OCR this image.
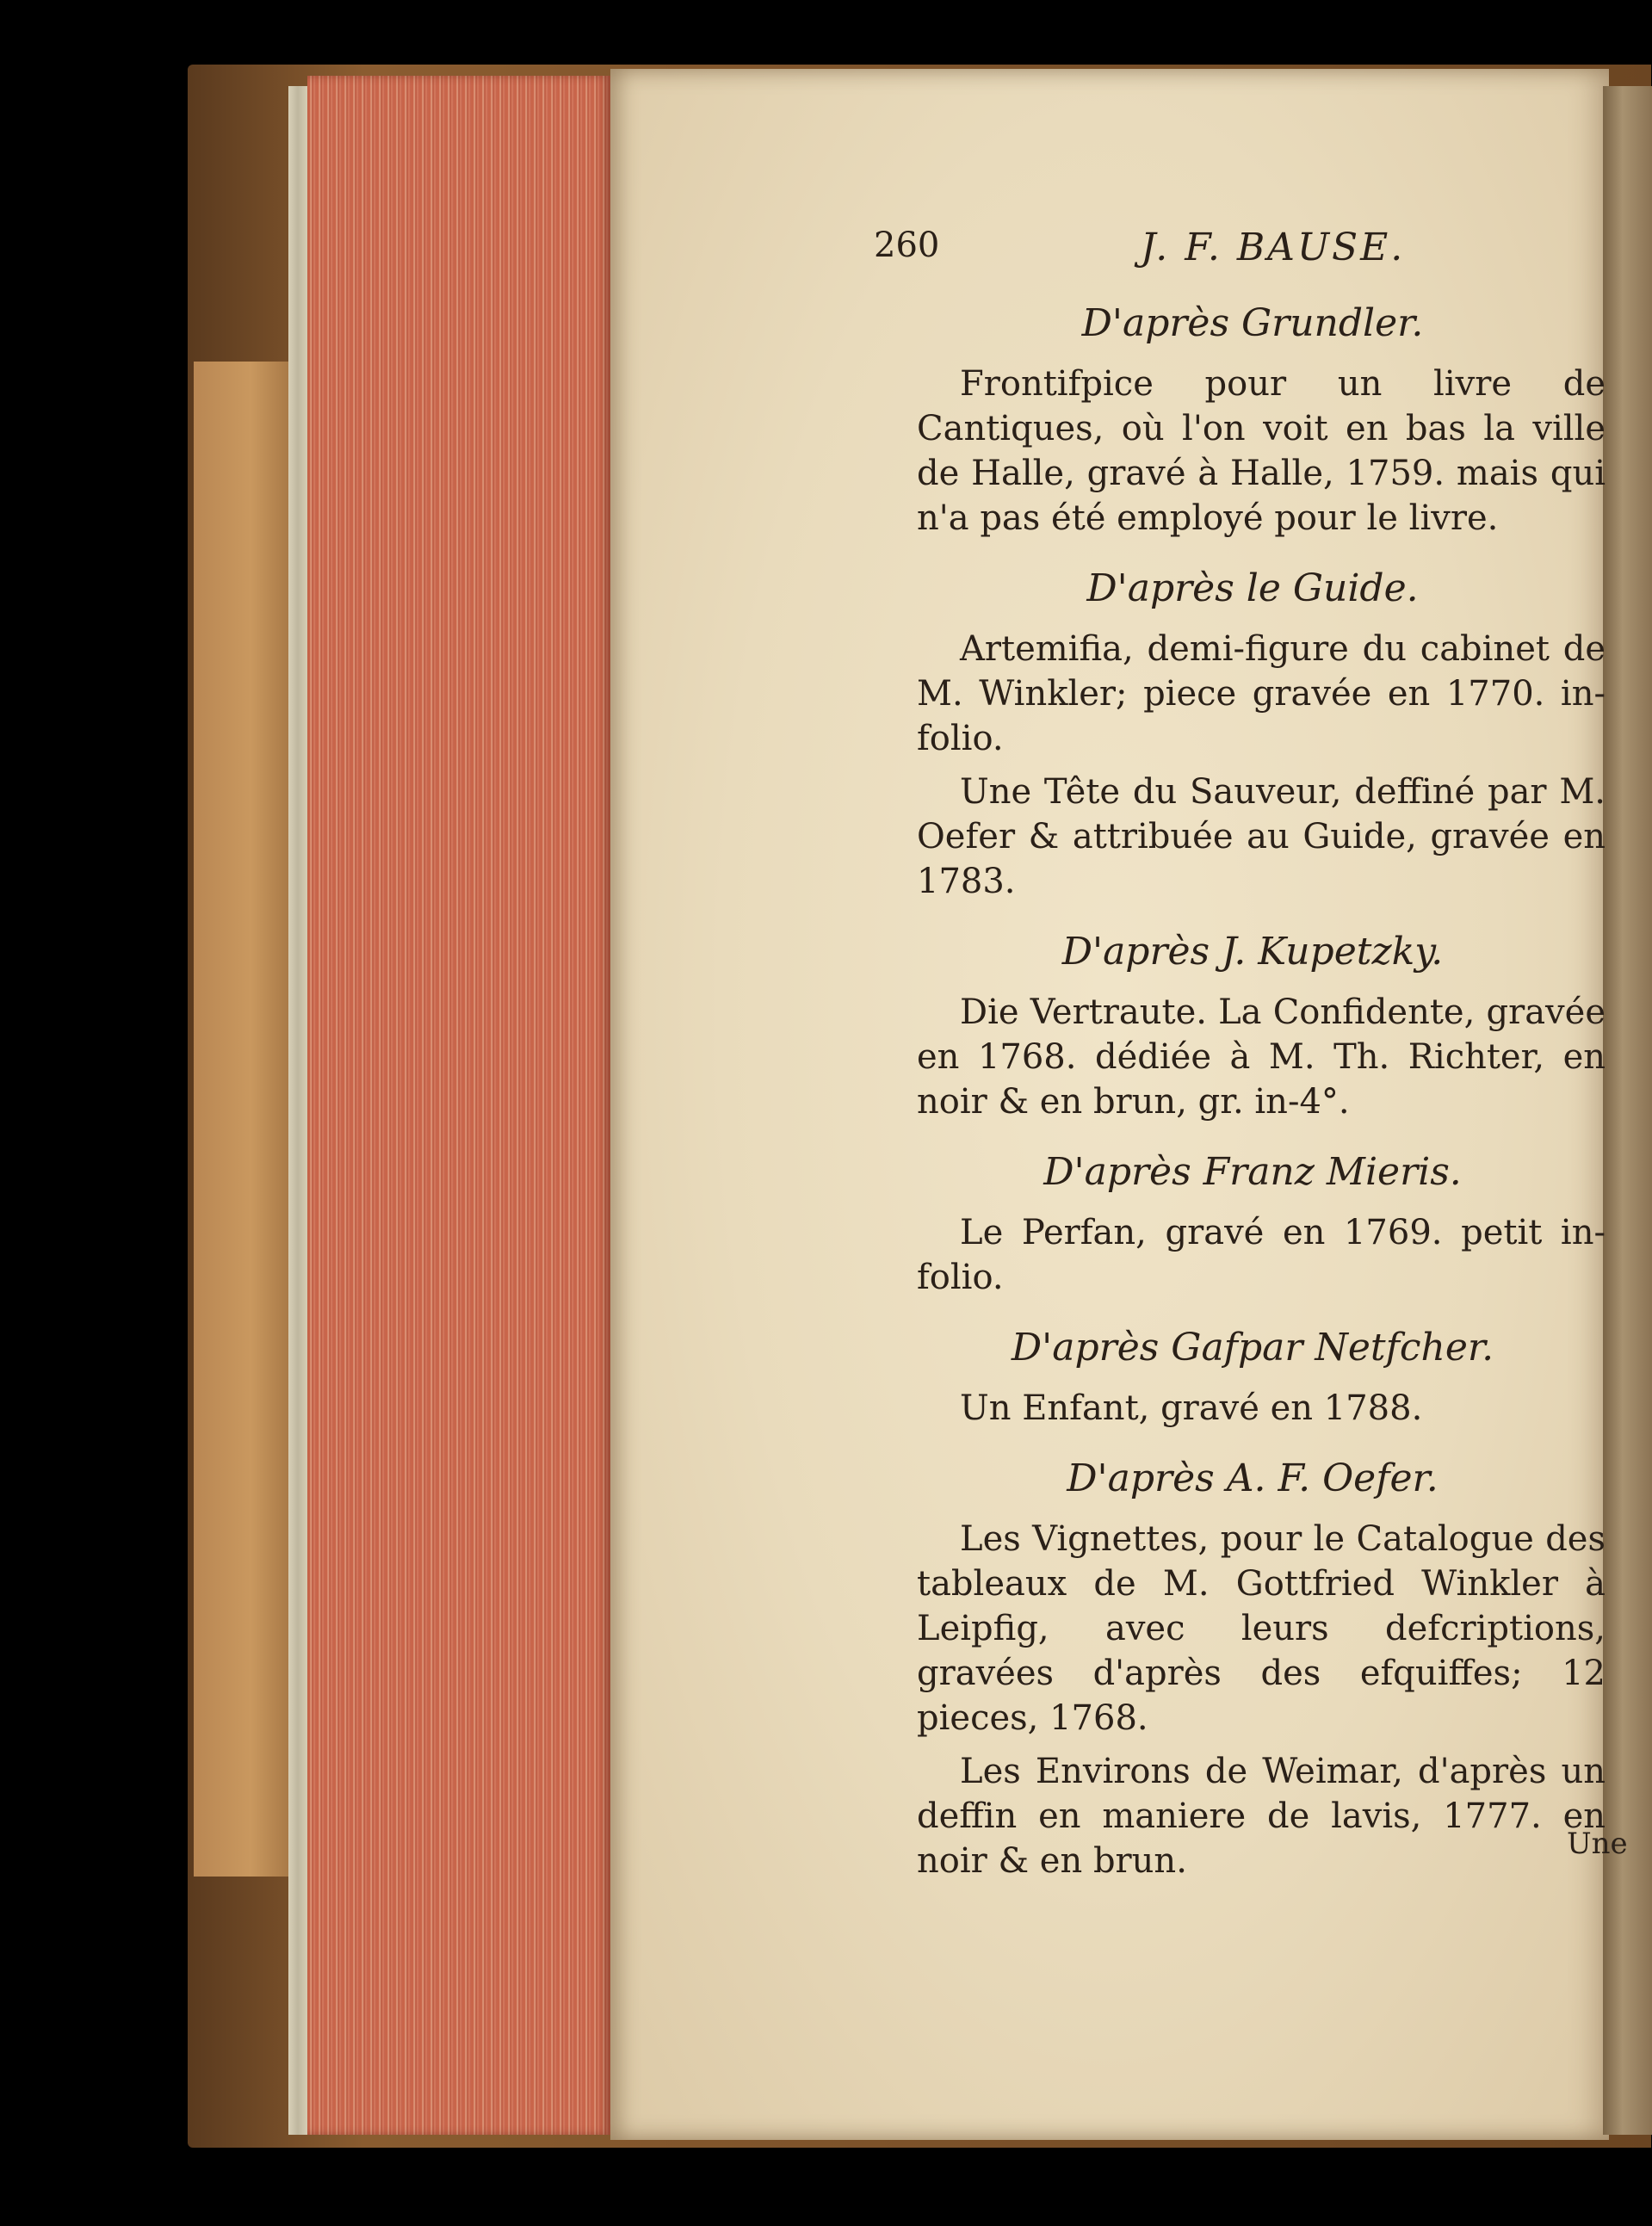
260	J. F. BAUSE.
D'après Grundler.

Frontifpice pour un livre de Cantiques, où l'on voit en bas la ville de Halle, gravé à Halle, 1759. mais qui n'a pas été employé pour le livre.

D'après le Guide.

Artemifia, demi-figure du cabinet de M. Winkler; piece gravée en 1770. in-folio.

Une Tête du Sauveur, deffiné par M. Oefer & attribuée au Guide, gravée en 1783.

D'après J. Kupetzky.

Die Vertraute. La Confidente, gravée en 1768. dédiée à M. Th. Richter, en noir & en brun, gr. in-4°.

D'après Franz Mieris.

Le Perfan, gravé en 1769. petit in-folio.

D'après Gafpar Netfcher.

Un Enfant, gravé en 1788.

D'après A. F. Oefer.

Les Vignettes, pour le Catalogue des tableaux de M. Gottfried Winkler à Leipfig, avec leurs defcriptions, gravées d'après des efquiffes; 12 pieces, 1768.

Les Environs de Weimar, d'après un deffin en maniere de lavis, 1777. en noir & en brun.	Une
